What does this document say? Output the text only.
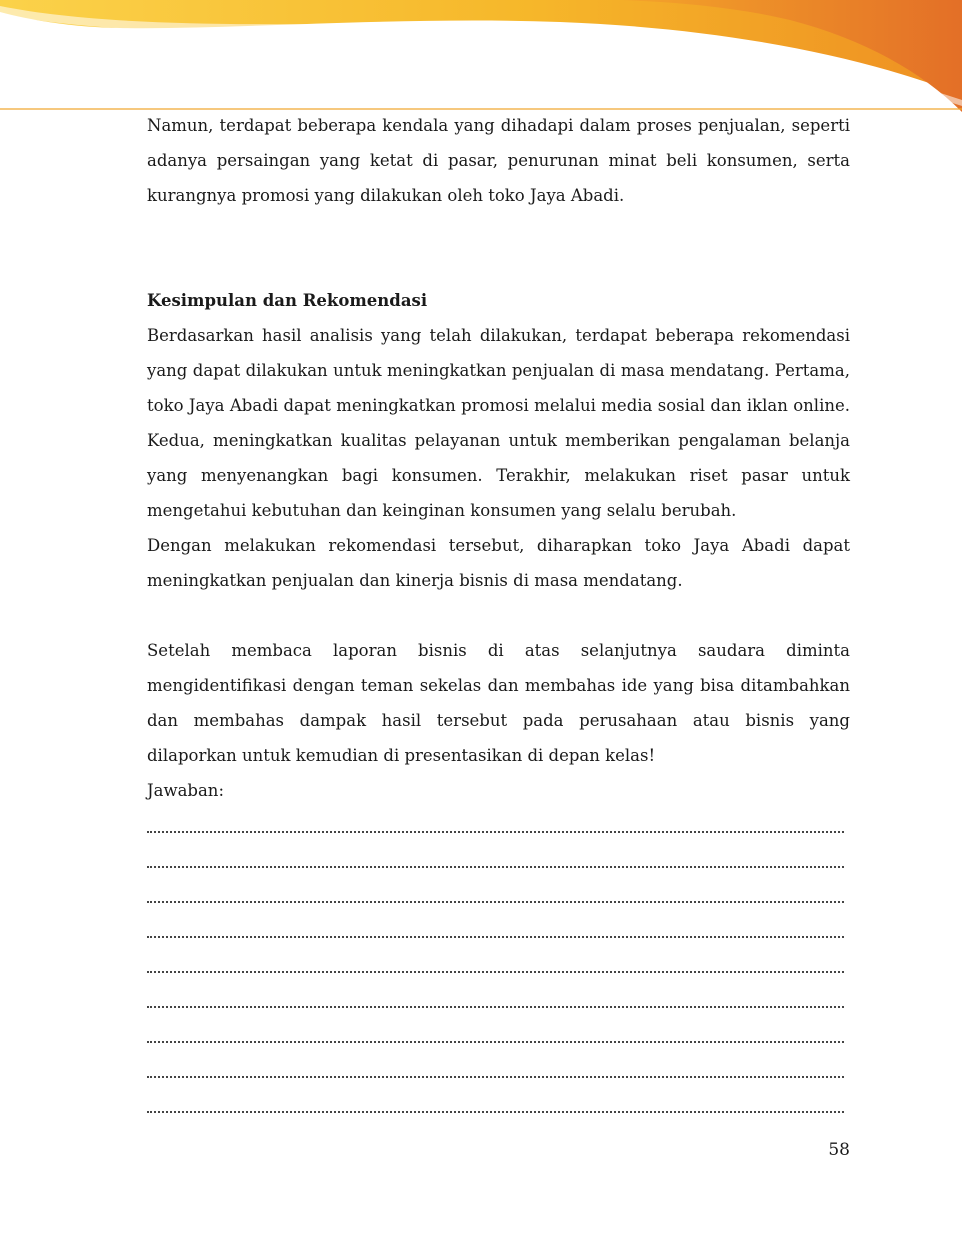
Namun, terdapat beberapa kendala yang dihadapi dalam proses penjualan, seperti adanya persaingan yang ketat di pasar, penurunan minat beli konsumen, serta kurangnya promosi yang dilakukan oleh toko Jaya Abadi.

Kesimpulan dan Rekomendasi

Berdasarkan hasil analisis yang telah dilakukan, terdapat beberapa rekomendasi yang dapat dilakukan untuk meningkatkan penjualan di masa mendatang. Pertama, toko Jaya Abadi dapat meningkatkan promosi melalui media sosial dan iklan online. Kedua, meningkatkan kualitas pelayanan untuk memberikan pengalaman belanja yang menyenangkan bagi konsumen. Terakhir, melakukan riset pasar untuk mengetahui kebutuhan dan keinginan konsumen yang selalu berubah.

Dengan melakukan rekomendasi tersebut, diharapkan toko Jaya Abadi dapat meningkatkan penjualan dan kinerja bisnis di masa mendatang.

Setelah membaca laporan bisnis di atas selanjutnya saudara diminta mengidentifikasi dengan teman sekelas dan membahas ide yang bisa ditambahkan dan membahas dampak hasil tersebut pada perusahaan atau bisnis yang dilaporkan untuk kemudian di presentasikan di depan kelas!

Jawaban:

58
